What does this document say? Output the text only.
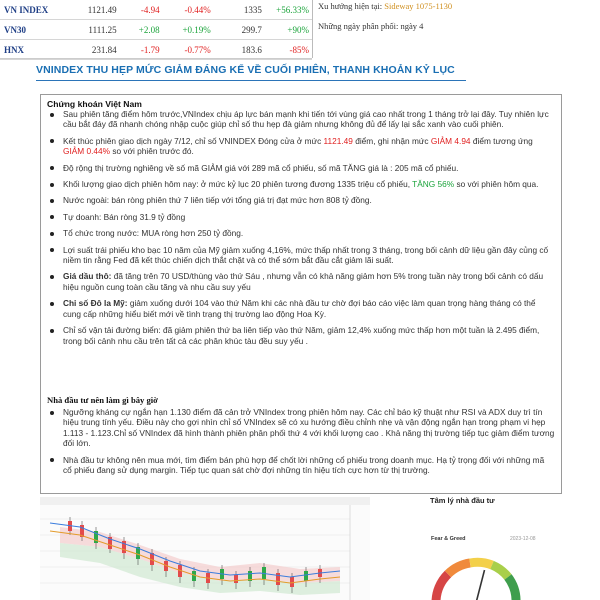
VN INDEX	1121.49	-4.94	-0.44%	1335	+56.33%
VN30	1111.25	+2.08	+0.19%	299.7	+90%
HNX	231.84	-1.79	-0.77%	183.6	-85%
Xu hướng hiện tại: Sideway 1075-1130
Những ngày phân phối: ngày 4
VNINDEX THU HẸP MỨC GIẢM ĐÁNG KỂ VỀ CUỐI PHIÊN, THANH KHOẢN KỶ LỤC
Chứng khoán Việt Nam
Sau phiên tăng điểm hôm trước,VNIndex chịu áp lực bán mạnh khi tiến tới vùng giá cao nhất trong 1 tháng trở lại đây. Tuy nhiên lực cầu bắt đáy đã nhanh chóng nhập cuộc giúp chỉ số thu hẹp đà giảm nhưng không đủ để lấy lại sắc xanh vào cuối phiên.
Kết thúc phiên giao dịch ngày 7/12, chỉ số VNINDEX Đóng cửa ở mức 1121.49 điểm, ghi nhận mức GIẢM 4.94 điểm tương ứng GIẢM 0.44% so với phiên trước đó.
Độ rộng thị trường nghiêng về số mã GIẢM giá với 289 mã cổ phiếu, số mã TĂNG giá là : 205 mã cổ phiếu.
Khối lượng giao dịch phiên hôm nay: ở mức kỷ lục 20 phiên tương đương 1335 triệu cổ phiếu, TĂNG 56% so với phiên hôm qua.
Nước ngoài: bán ròng phiên thứ 7 liên tiếp với tổng giá trị đạt mức hơn 808 tỷ đồng.
Tự doanh: Bán ròng 31.9 tỷ đồng
Tổ chức trong nước: MUA ròng hơn 250 tỷ đồng.
Lợi suất trái phiếu kho bạc 10 năm của Mỹ giảm xuống 4,16%, mức thấp nhất trong 3 tháng, trong bối cảnh dữ liệu gần đây củng cố niềm tin rằng Fed đã kết thúc chiến dịch thắt chặt và có thể sớm bắt đầu cắt giảm lãi suất.
Giá dầu thô: đã tăng trên 70 USD/thùng vào thứ Sáu , nhưng vẫn có khả năng giảm hơn 5% trong tuần này trong bối cảnh có dấu hiệu nguồn cung toàn cầu tăng và nhu cầu suy yếu
Chỉ số Đô la Mỹ: giảm xuống dưới 104 vào thứ Năm khi các nhà đầu tư chờ đợi báo cáo việc làm quan trọng hàng tháng có thể cung cấp những hiểu biết mới về tình trạng thị trường lao động Hoa Kỳ.
Chỉ số vận tải đường biển: đã giảm phiên thứ ba liên tiếp vào thứ Năm, giảm 12,4% xuống mức thấp hơn một tuần là 2.495 điểm, trong bối cảnh nhu cầu trên tất cả các phân khúc tàu đều suy yếu .
Nhà đầu tư nên làm gì bây giờ
Ngưỡng kháng cự ngắn hạn 1.130 điểm đã cản trở VNIndex trong phiên hôm nay. Các chỉ báo kỹ thuật như RSI và ADX duy trì tín hiệu trung tính yếu. Điều này cho gợi nhìn chỉ số VNIndex sẽ có xu hướng điều chỉnh nhẹ và vận động ngắn hạn trong phạm vi hẹp 1.113 - 1.123.Chỉ số VNIndex đã hình thành phiên phân phối thứ 4 với khối lượng cao . Khả năng thị trường tiếp tục giảm điểm tương đối lớn.
Nhà đầu tư không nên mua mới, tìm điểm bán phù hợp để chốt lời những cổ phiếu trong doanh mục. Hạ tỷ trọng đối với những mã cổ phiếu đang sử dụng margin. Tiếp tục quan sát chờ đợi những tín hiệu tích cực hơn từ thị trường.
Tâm lý nhà đầu tư
Fear & Greed	2023-12-08
